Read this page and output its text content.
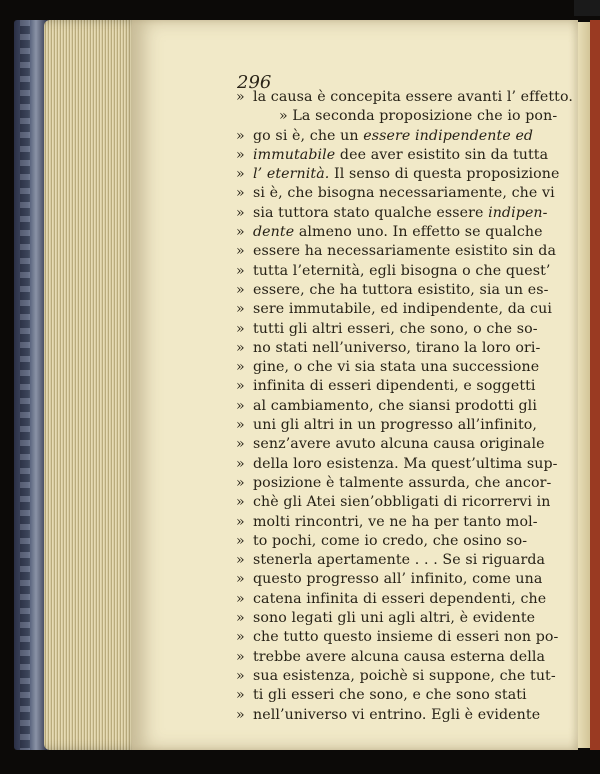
296
» la causa è concepita essere avanti l’ effetto.
» La seconda proposizione che io pon-
» go si è, che un essere indipendente ed
» immutabile dee aver esistito sin da tutta
» l’ eternità. Il senso di questa proposizione
» si è, che bisogna necessariamente, che vi
» sia tuttora stato qualche essere indipen-
» dente almeno uno. In effetto se qualche
» essere ha necessariamente esistito sin da
» tutta l’eternità, egli bisogna o che quest’
» essere, che ha tuttora esistito, sia un es-
» sere immutabile, ed indipendente, da cui
» tutti gli altri esseri, che sono, o che so-
» no stati nell’universo, tirano la loro ori-
» gine, o che vi sia stata una successione
» infinita di esseri dipendenti, e soggetti
» al cambiamento, che siansi prodotti gli
» uni gli altri in un progresso all’infinito,
» senz’avere avuto alcuna causa originale
» della loro esistenza. Ma quest’ultima sup-
» posizione è talmente assurda, che ancor-
» chè gli Atei sien’obbligati di ricorrervi in
» molti rincontri, ve ne ha per tanto mol-
» to pochi, come io credo, che osino so-
» stenerla apertamente . . . Se si riguarda
» questo progresso all’ infinito, come una
» catena infinita di esseri dependenti, che
» sono legati gli uni agli altri, è evidente
» che tutto questo insieme di esseri non po-
» trebbe avere alcuna causa esterna della
» sua esistenza, poichè si suppone, che tut-
» ti gli esseri che sono, e che sono stati
» nell’universo vi entrino. Egli è evidente
